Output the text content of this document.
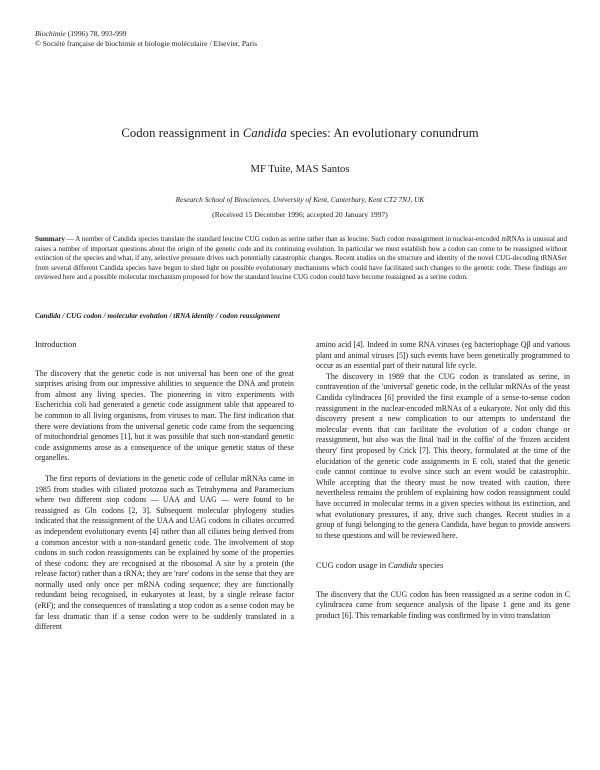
Biochimie (1996) 78, 993-999
© Société française de biochimie et biologie moléculaire / Elsevier, Paris
Codon reassignment in Candida species: An evolutionary conundrum
MF Tuite, MAS Santos
Research School of Biosciences, University of Kent, Canterbury, Kent CT2 7NJ, UK
(Received 15 December 1996; accepted 20 January 1997)
Summary — A number of Candida species translate the standard leucine CUG codon as serine rather than as leucine. Such codon reassignment in nuclear-encoded mRNAs is unusual and raises a number of important questions about the origin of the genetic code and its continuing evolution. In particular we must establish how a codon can come to be reassigned without extinction of the species and what, if any, selective pressure drives such potentially catastrophic changes. Recent studies on the structure and identity of the novel CUG-decoding tRNASer from several different Candida species have begun to shed light on possible evolutionary mechanisms which could have facilitated such changes to the genetic code. These findings are reviewed here and a possible molecular mechanism proposed for how the standard leucine CUG codon could have become reassigned as a serine codon.
Candida / CUG codon / molecular evolution / tRNA identity / codon reassignment
Introduction

The discovery that the genetic code is not universal has been one of the great surprises arising from our impressive abilities to sequence the DNA and protein from almost any living species. The pioneering in vitro experiments with Escherichia coli had generated a genetic code assignment table that appeared to be common to all living organisms, from viruses to man. The first indication that there were deviations from the universal genetic code came from the sequencing of mitochondrial genomes [1], but it was possible that such non-standard genetic code assignments arose as a consequence of the unique genetic status of these organelles.

The first reports of deviations in the genetic code of cellular mRNAs came in 1985 from studies with ciliated protozoa such as Tetrahymena and Paramecium where two different stop codons — UAA and UAG — were found to be reassigned as Gln codons [2, 3]. Subsequent molecular phylogeny studies indicated that the reassignment of the UAA and UAG codons in ciliates occurred as independent evolutionary events [4] rather than all ciliates being derived from a common ancestor with a non-standard genetic code. The involvement of stop codons in such codon reassignments can be explained by some of the properties of these codons: they are recognised at the ribosomal A site by a protein (the release factor) rather than a tRNA; they are 'rare' codons in the sense that they are normally used only once per mRNA coding sequence; they are functionally redundant being recognised, in eukaryotes at least, by a single release factor (eRF); and the consequences of translating a stop codon as a sense codon may be far less dramatic than if a sense codon were to be suddenly translated in a different

amino acid [4]. Indeed in some RNA viruses (eg bacteriophage Qβ and various plant and animal viruses [5]) such events have been genetically programmed to occur as an essential part of their natural life cycle.

The discovery in 1989 that the CUG codon is translated as serine, in contravention of the 'universal' genetic code, in the cellular mRNAs of the yeast Candida cylindracea [6] provided the first example of a sense-to-sense codon reassignment in the nuclear-encoded mRNAs of a eukaryote. Not only did this discovery present a new complication to our attempts to understand the molecular events that can facilitate the evolution of a codon change or reassignment, but also was the final 'nail in the coffin' of the 'frozen accident theory' first proposed by Crick [7]. This theory, formulated at the time of the elucidation of the genetic code assignments in E coli, stated that the genetic code cannot continue to evolve since such an event would be catastrophic. While accepting that the theory must be now treated with caution, there nevertheless remains the problem of explaining how codon reassignment could have occurred in molecular terms in a given species without its extinction, and what evolutionary pressures, if any, drive such changes. Recent studies in a group of fungi belonging to the genera Candida, have begun to provide answers to these questions and will be reviewed here.

CUG codon usage in Candida species

The discovery that the CUG codon has been reassigned as a serine codon in C cylindracea came from sequence analysis of the lipase 1 gene and its gene product [6]. This remarkable finding was confirmed by in vitro translation
